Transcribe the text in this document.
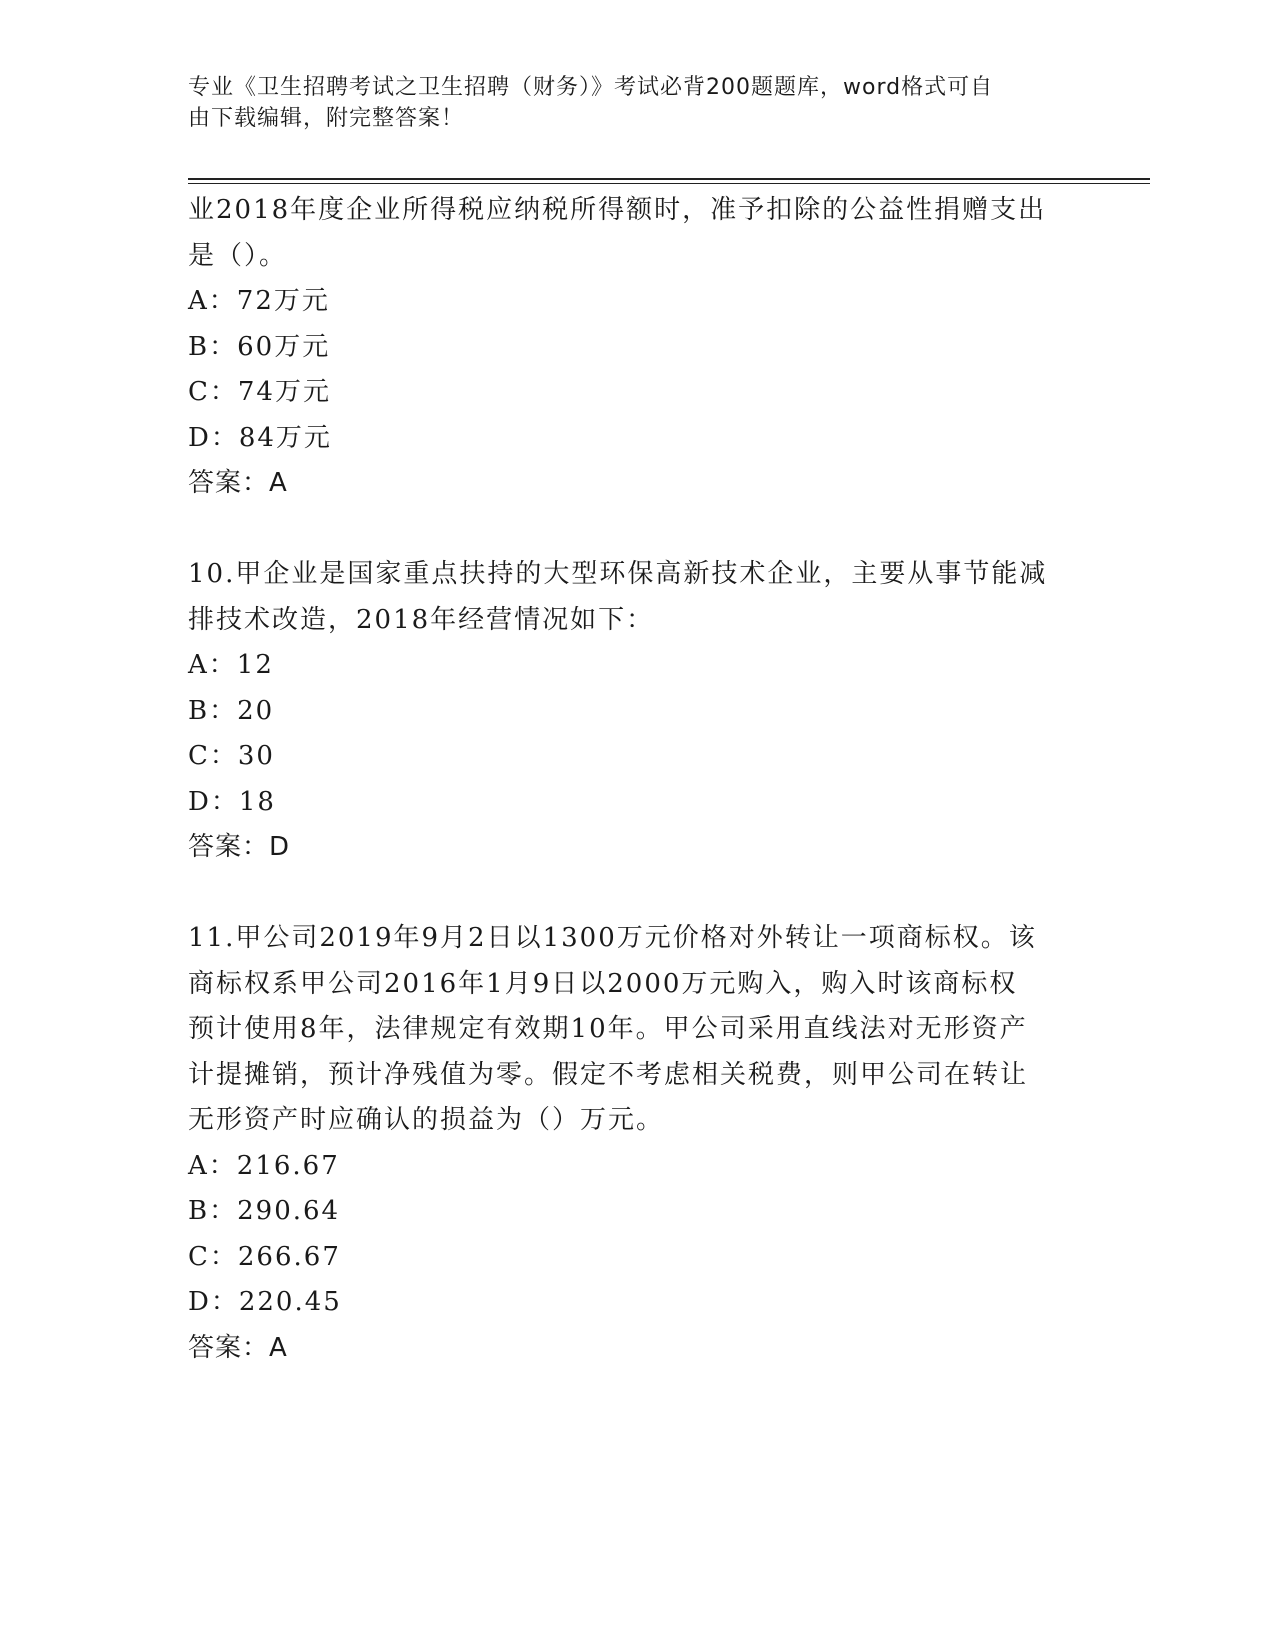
专业《卫生招聘考试之卫生招聘（财务）》考试必背200题题库，word格式可自
由下载编辑，附完整答案！

业2018年度企业所得税应纳税所得额时，准予扣除的公益性捐赠支出

是（）。

A：72万元

B：60万元

C：74万元

D：84万元

答案：A

10.甲企业是国家重点扶持的大型环保高新技术企业，主要从事节能减

排技术改造，2018年经营情况如下：

A：12

B：20

C：30

D：18

答案：D

11.甲公司2019年9月2日以1300万元价格对外转让一项商标权。该

商标权系甲公司2016年1月9日以2000万元购入，购入时该商标权

预计使用8年，法律规定有效期10年。甲公司采用直线法对无形资产

计提摊销，预计净残值为零。假定不考虑相关税费，则甲公司在转让

无形资产时应确认的损益为（）万元。

A：216.67

B：290.64

C：266.67

D：220.45

答案：A
